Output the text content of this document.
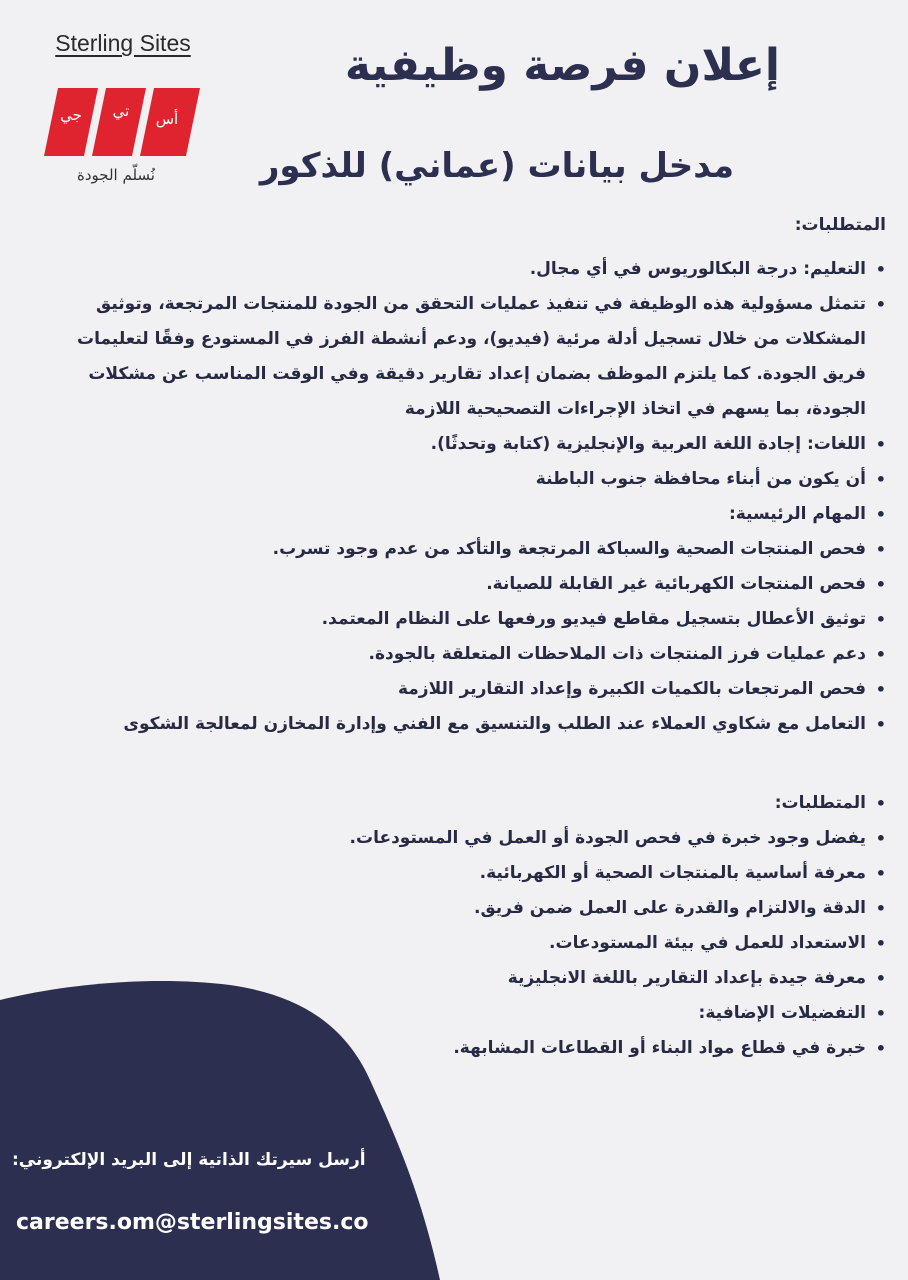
Sterling Sites
أس
تي
جي
نُسلّم الجودة
إعلان فرصة وظيفية
مدخل بيانات (عماني) للذكور

المتطلبات:

• التعليم: درجة البكالوريوس في أي مجال.
• تتمثل مسؤولية هذه الوظيفة في تنفيذ عمليات التحقق من الجودة للمنتجات المرتجعة، وتوثيق المشكلات من خلال تسجيل أدلة مرئية (فيديو)، ودعم أنشطة الفرز في المستودع وفقًا لتعليمات فريق الجودة. كما يلتزم الموظف بضمان إعداد تقارير دقيقة وفي الوقت المناسب عن مشكلات الجودة، بما يسهم في اتخاذ الإجراءات التصحيحية اللازمة
• اللغات: إجادة اللغة العربية والإنجليزية (كتابة وتحدثًا).
• أن يكون من أبناء محافظة جنوب الباطنة
• المهام الرئيسية:
• فحص المنتجات الصحية والسباكة المرتجعة والتأكد من عدم وجود تسرب.
• فحص المنتجات الكهربائية غير القابلة للصيانة.
• توثيق الأعطال بتسجيل مقاطع فيديو ورفعها على النظام المعتمد.
• دعم عمليات فرز المنتجات ذات الملاحظات المتعلقة بالجودة.
• فحص المرتجعات بالكميات الكبيرة وإعداد التقارير اللازمة
• التعامل مع شكاوي العملاء عند الطلب والتنسيق مع الفني وإدارة المخازن لمعالجة الشكوى
• المتطلبات:
• يفضل وجود خبرة في فحص الجودة أو العمل في المستودعات.
• معرفة أساسية بالمنتجات الصحية أو الكهربائية.
• الدقة والالتزام والقدرة على العمل ضمن فريق.
• الاستعداد للعمل في بيئة المستودعات.
• معرفة جيدة بإعداد التقارير باللغة الانجليزية
• التفضيلات الإضافية:
• خبرة في قطاع مواد البناء أو القطاعات المشابهة.
أرسل سيرتك الذاتية إلى البريد الإلكتروني:
careers.om@sterlingsites.co
